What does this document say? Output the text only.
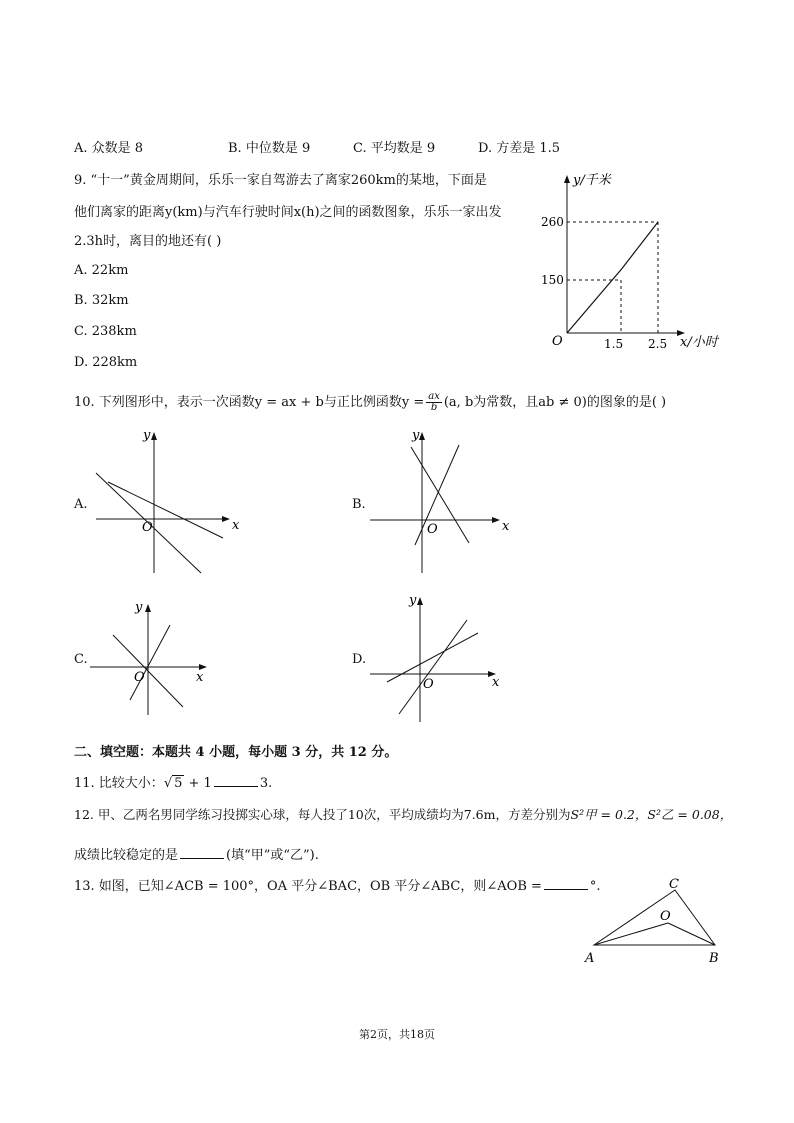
A. 众数是 8	B. 中位数是 9	C. 平均数是 9	D. 方差是 1.5
9. “十一”黄金周期间，乐乐一家自驾游去了离家260km的某地，下面是
他们离家的距离y(km)与汽车行驶时间x(h)之间的函数图象，乐乐一家出发
2.3h时，离目的地还有( )
A. 22km
B. 32km
C. 238km
D. 228km
y/千米
260
150
O	1.5 2.5 x/小时
10. 下列图形中，表示一次函数y = ax + b与正比例函数$y = \frac{ax}{b} (a$, b为常数，且ab ≠ 0)的图象的是( )
A.
y
x
O
B.
y
x
O
C.
y
x
O
D.
y
x
O
二、填空题：本题共 4 小题，每小题 3 分，共 12 分。
11. 比较大小：√ 5 + 1	3.
12. 甲、乙两名男同学练习投掷实心球，每人投了10次，平均成绩均为7.6m，方差分别为S²甲 = 0.2，S²乙 = 0.08，
成绩比较稳定的是	(填“甲”或“乙”).
13. 如图，已知∠ACB = 100°，OA 平分∠BAC，OB 平分∠ABC，则∠AOB =	°.	C
O
A	B
第2页，共18页
